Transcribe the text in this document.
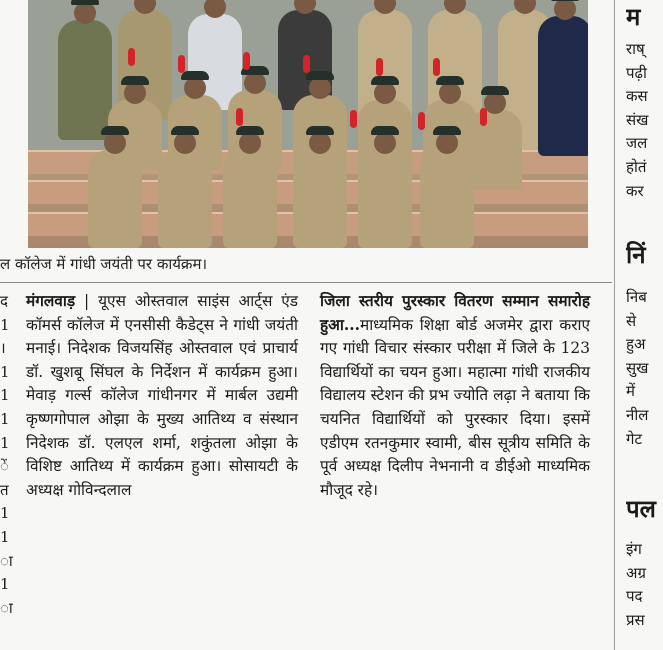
ल कॉलेज में गांधी जयंती पर कार्यक्रम।
द
1
।
1
1
1
1
ें
त
1
1
ा
1
ा

मंगलवाड़ | यूएस ओस्तवाल साइंस आर्ट्स एंड कॉमर्स कॉलेज में एनसीसी कैडेट्स ने गांधी जयंती मनाई। निदेशक विजयसिंह ओस्तवाल एवं प्राचार्य डॉ. खुशबू सिंघल के निर्देशन में कार्यक्रम हुआ। मेवाड़ गर्ल्स कॉलेज गांधीनगर में मार्बल उद्यमी कृष्णगोपाल ओझा के मुख्य आतिथ्य व संस्थान निदेशक डॉ. एलएल शर्मा, शकुंतला ओझा के विशिष्ट आतिथ्य में कार्यक्रम हुआ। सोसायटी के अध्यक्ष गोविन्दलाल

जिला स्तरीय पुरस्कार वितरण सम्मान समारोह हुआ...माध्यमिक शिक्षा बोर्ड अजमेर द्वारा कराए गए गांधी विचार संस्कार परीक्षा में जिले के 123 विद्यार्थियों का चयन हुआ। महात्मा गांधी राजकीय विद्यालय स्टेशन की प्रभ ज्योति लढ़ा ने बताया कि चयनित विद्यार्थियों को पुरस्कार दिया। इसमें एडीएम रतनकुमार स्वामी, बीस सूत्रीय समिति के पूर्व अध्यक्ष दिलीप नेभनानी व डीईओ माध्यमिक मौजूद रहे।

म
राष्
पढ़ी
कस
संख
जल
होतं
कर
निं
निब
से
हुअ
सुख
में
नील
गेट
पल
इंग
अग्र
पद
प्रस
